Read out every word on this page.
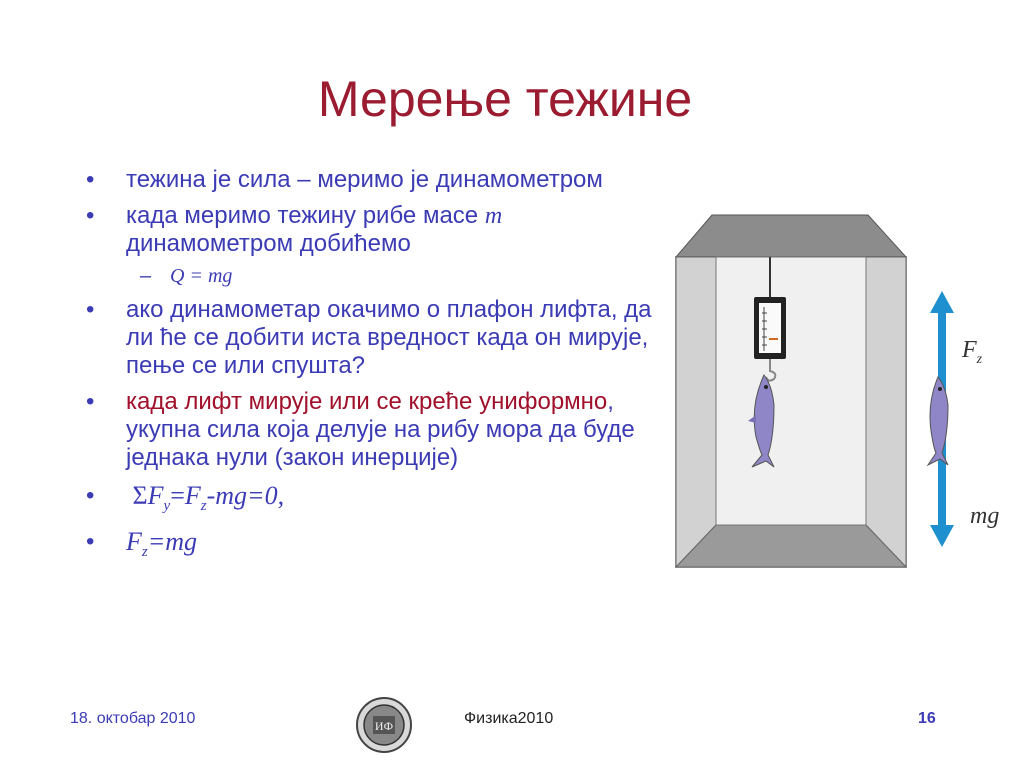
Мерење тежине
• тежина је сила – меримо је динамометром
• када меримо тежину рибе масе m
динамометром добићемо
– Q = mg
• ако динамометар окачимо о плафон лифта, да ли ће се добити иста вредност када он мирује, пење се или спушта?
• када лифт мирује или се креће униформно, укупна сила која делује на рибу мора да буде једнака нули (закон инерције)
• $\Sigma F_y=F_z-mg=0$,
• $F_z=mg$
$F_z$
mg
18. октобар 2010	ИФ	Физика2010	16
